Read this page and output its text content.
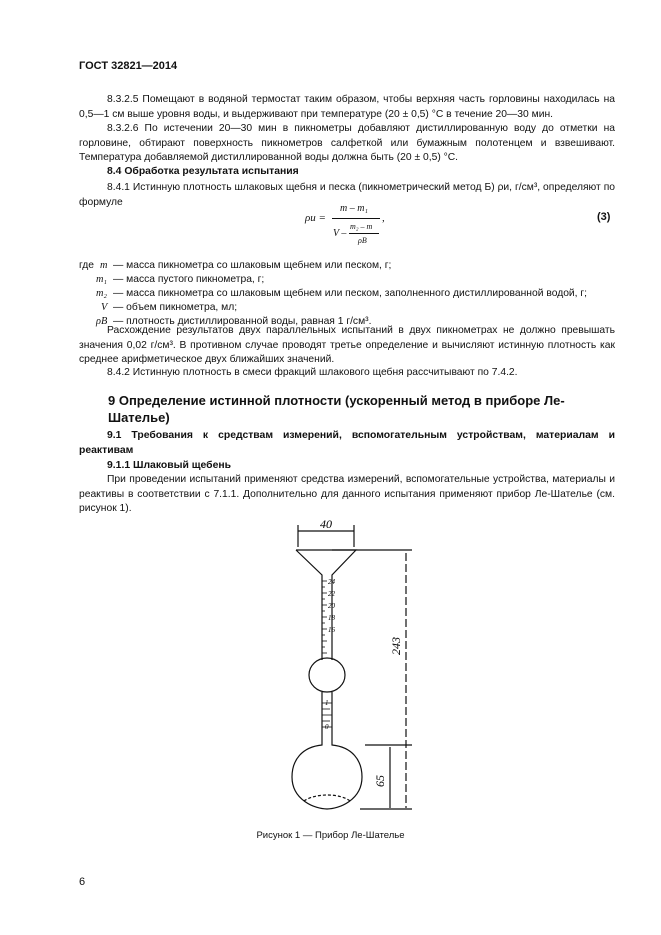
ГОСТ 32821—2014
8.3.2.5 Помещают в водяной термостат таким образом, чтобы верхняя часть горловины находилась на 0,5—1 см выше уровня воды, и выдерживают при температуре (20 ± 0,5) °С в течение 20—30 мин.
8.3.2.6 По истечении 20—30 мин в пикнометры добавляют дистиллированную воду до отметки на горловине, обтирают поверхность пикнометров салфеткой или бумажным полотенцем и взвешивают. Температура добавляемой дистиллированной воды должна быть (20 ± 0,5) °С.
8.4 Обработка результата испытания
8.4.1 Истинную плотность шлаковых щебня и песка (пикнометрический метод Б) ρи, г/см³, определяют по формуле
ρи =
m – m₁
,
V –
m₂ – m
ρB
(3)
где m — масса пикнометра со шлаковым щебнем или песком, г;
m₁ — масса пустого пикнометра, г;
m₂ — масса пикнометра со шлаковым щебнем или песком, заполненного дистиллированной водой, г;
V — объем пикнометра, мл;
ρB — плотность дистиллированной воды, равная 1 г/см³.
Расхождение результатов двух параллельных испытаний в двух пикнометрах не должно превышать значения 0,02 г/см³. В противном случае проводят третье определение и вычисляют истинную плотность как среднее арифметическое двух ближайших значений.
8.4.2 Истинную плотность в смеси фракций шлакового щебня рассчитывают по 7.4.2.
9 Определение истинной плотности (ускоренный метод в приборе Ле-Шателье)
9.1 Требования к средствам измерений, вспомогательным устройствам, материалам и реактивам
9.1.1 Шлаковый щебень
При проведении испытаний применяют средства измерений, вспомогательные устройства, материалы и реактивы в соответствии с 7.1.1. Дополнительно для данного испытания применяют прибор Ле-Шателье (см. рисунок 1).
40
243
65
24
22
20
18
16
1
0
Рисунок 1 — Прибор Ле-Шателье
6
